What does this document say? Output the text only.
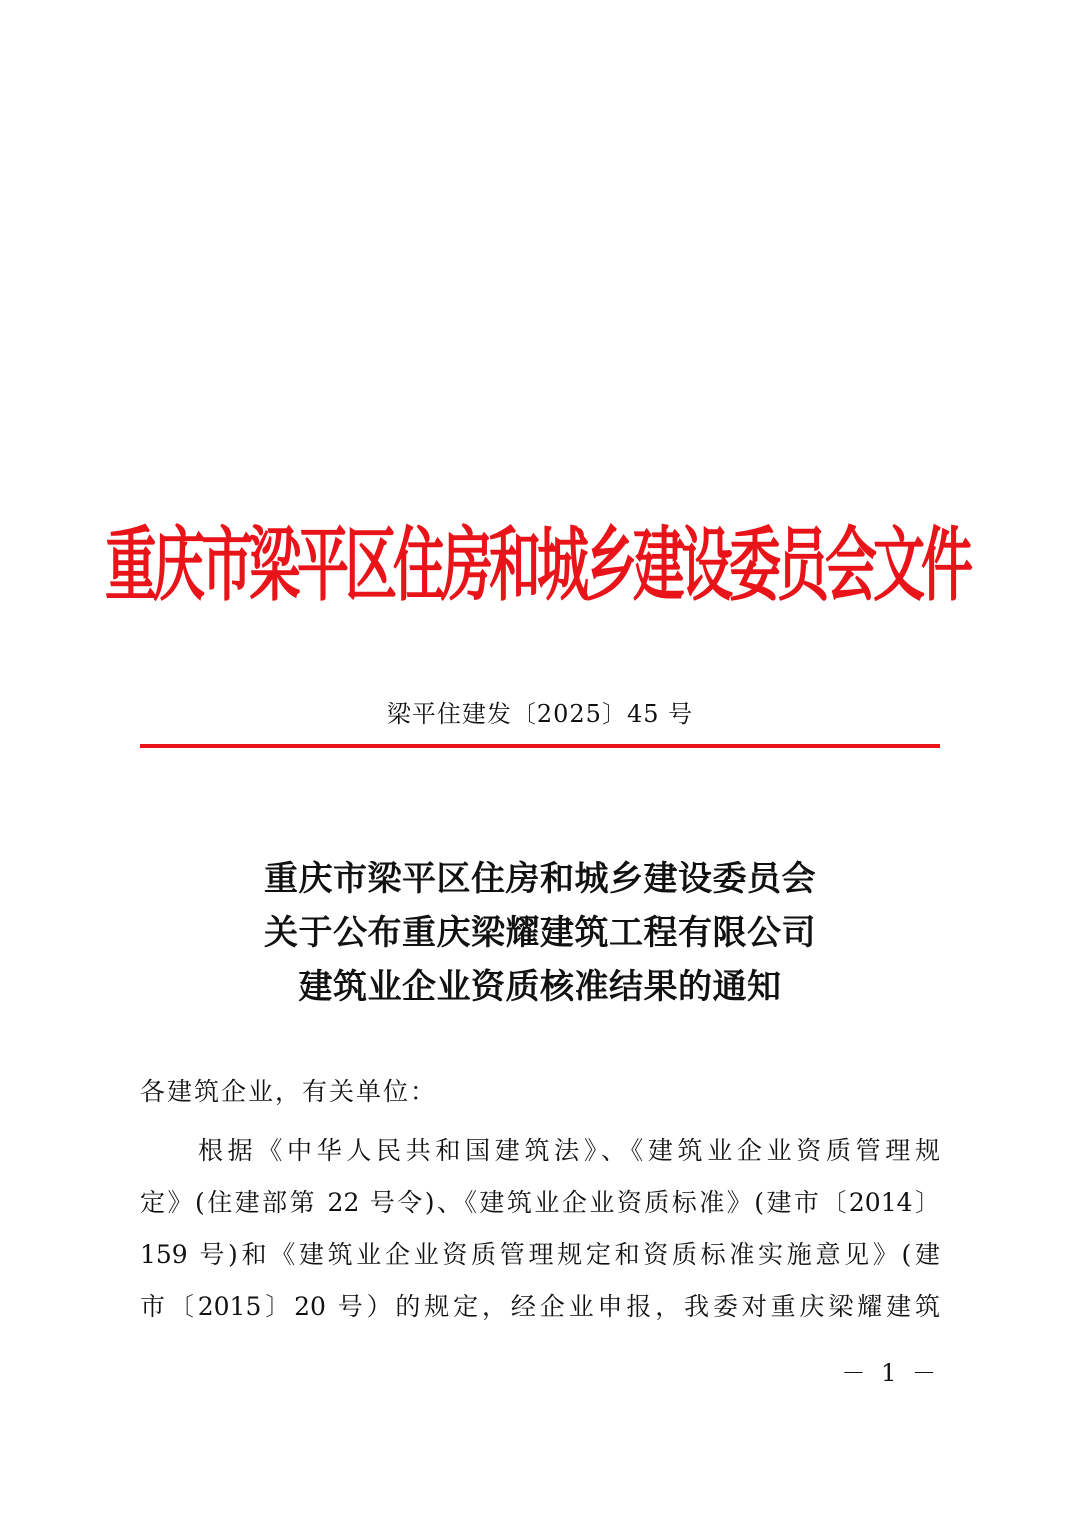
重庆市梁平区住房和城乡建设委员会文件
梁平住建发〔2025〕45 号
重庆市梁平区住房和城乡建设委员会
关于公布重庆梁耀建筑工程有限公司
建筑业企业资质核准结果的通知
各建筑企业，有关单位：
根据《中华人民共和国建筑法》、《建筑业企业资质管理规
定》(住建部第 22 号令)、《建筑业企业资质标准》(建市〔2014〕
159 号)和《建筑业企业资质管理规定和资质标准实施意见》(建
市〔2015〕20 号）的规定，经企业申报，我委对重庆梁耀建筑
－ 1 －
